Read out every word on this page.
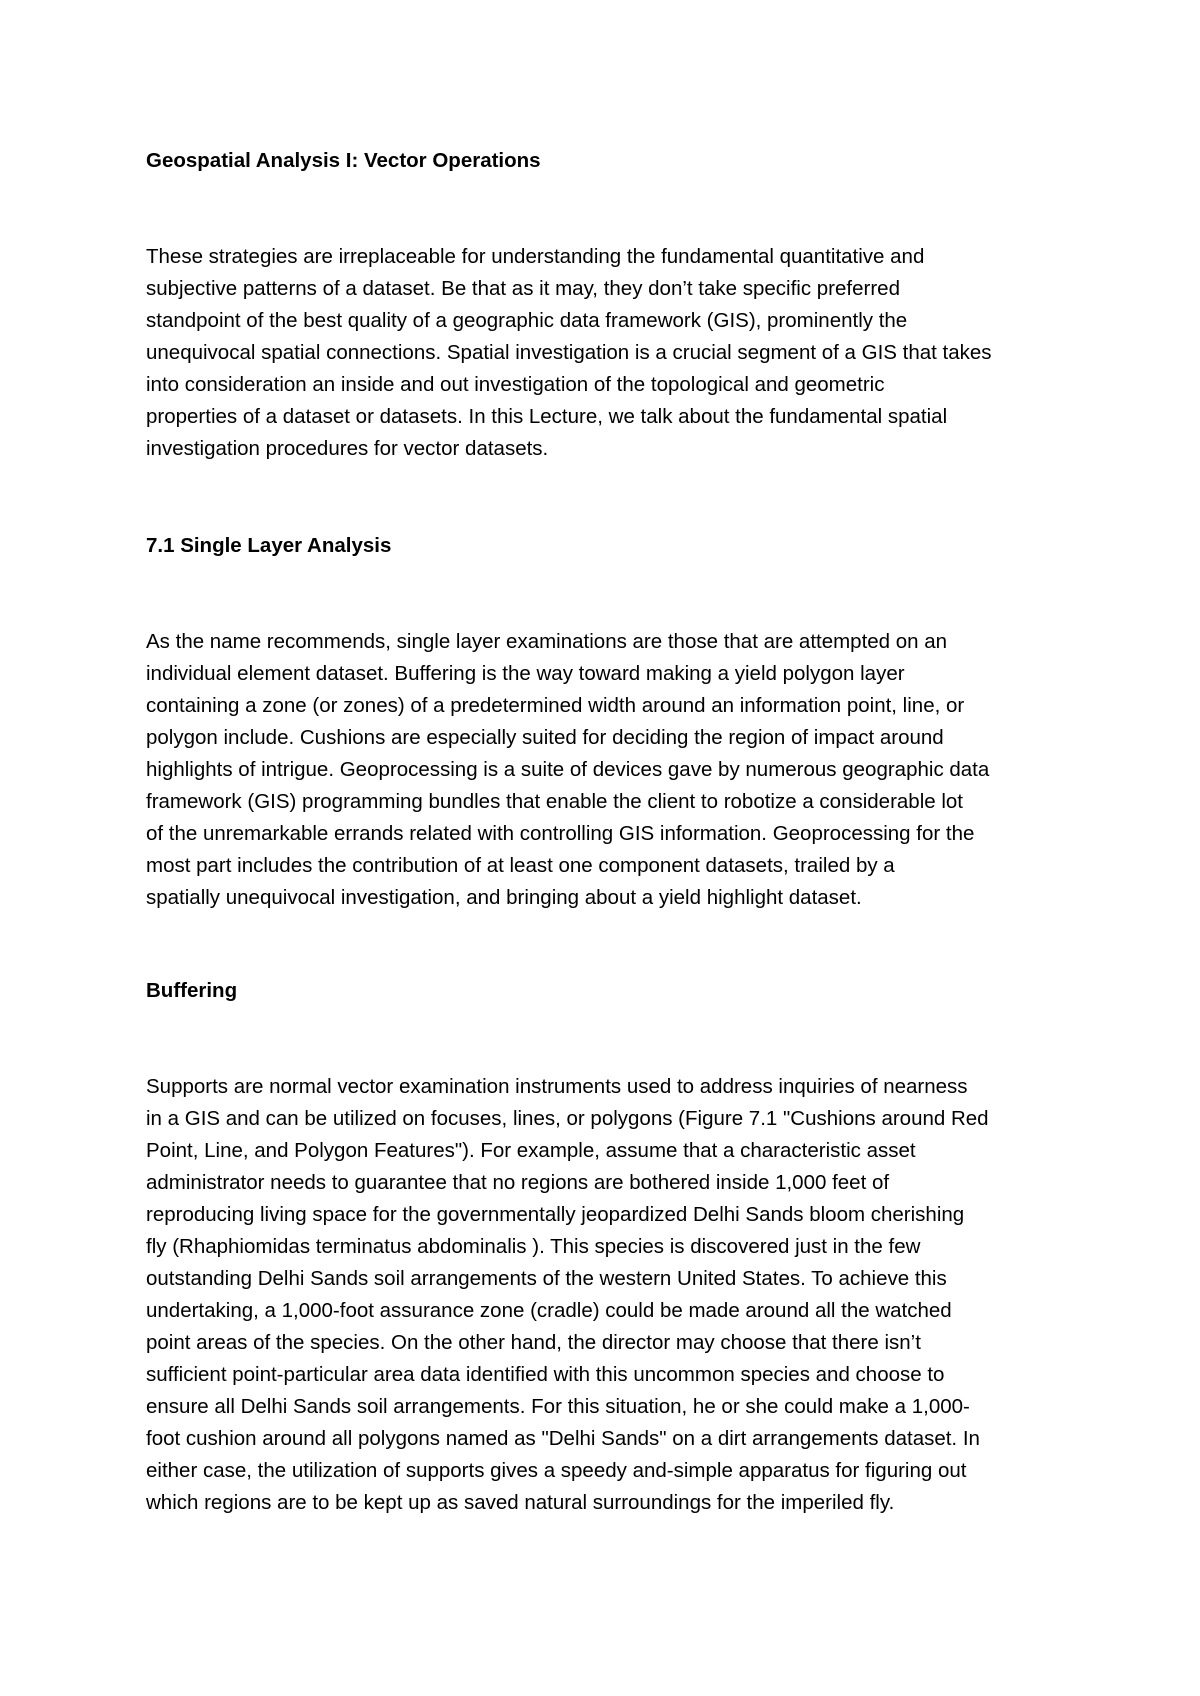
Geospatial Analysis I: Vector Operations
These strategies are irreplaceable for understanding the fundamental quantitative and
subjective patterns of a dataset. Be that as it may, they don’t take specific preferred
standpoint of the best quality of a geographic data framework (GIS), prominently the
unequivocal spatial connections. Spatial investigation is a crucial segment of a GIS that takes
into consideration an inside and out investigation of the topological and geometric
properties of a dataset or datasets. In this Lecture, we talk about the fundamental spatial
investigation procedures for vector datasets.
7.1 Single Layer Analysis
As the name recommends, single layer examinations are those that are attempted on an
individual element dataset. Buffering is the way toward making a yield polygon layer
containing a zone (or zones) of a predetermined width around an information point, line, or
polygon include. Cushions are especially suited for deciding the region of impact around
highlights of intrigue. Geoprocessing is a suite of devices gave by numerous geographic data
framework (GIS) programming bundles that enable the client to robotize a considerable lot
of the unremarkable errands related with controlling GIS information. Geoprocessing for the
most part includes the contribution of at least one component datasets, trailed by a
spatially unequivocal investigation, and bringing about a yield highlight dataset.
Buffering
Supports are normal vector examination instruments used to address inquiries of nearness
in a GIS and can be utilized on focuses, lines, or polygons (Figure 7.1 "Cushions around Red
Point, Line, and Polygon Features"). For example, assume that a characteristic asset
administrator needs to guarantee that no regions are bothered inside 1,000 feet of
reproducing living space for the governmentally jeopardized Delhi Sands bloom cherishing
fly (Rhaphiomidas terminatus abdominalis ). This species is discovered just in the few
outstanding Delhi Sands soil arrangements of the western United States. To achieve this
undertaking, a 1,000-foot assurance zone (cradle) could be made around all the watched
point areas of the species. On the other hand, the director may choose that there isn’t
sufficient point-particular area data identified with this uncommon species and choose to
ensure all Delhi Sands soil arrangements. For this situation, he or she could make a 1,000-
foot cushion around all polygons named as "Delhi Sands" on a dirt arrangements dataset. In
either case, the utilization of supports gives a speedy and-simple apparatus for figuring out
which regions are to be kept up as saved natural surroundings for the imperiled fly.
